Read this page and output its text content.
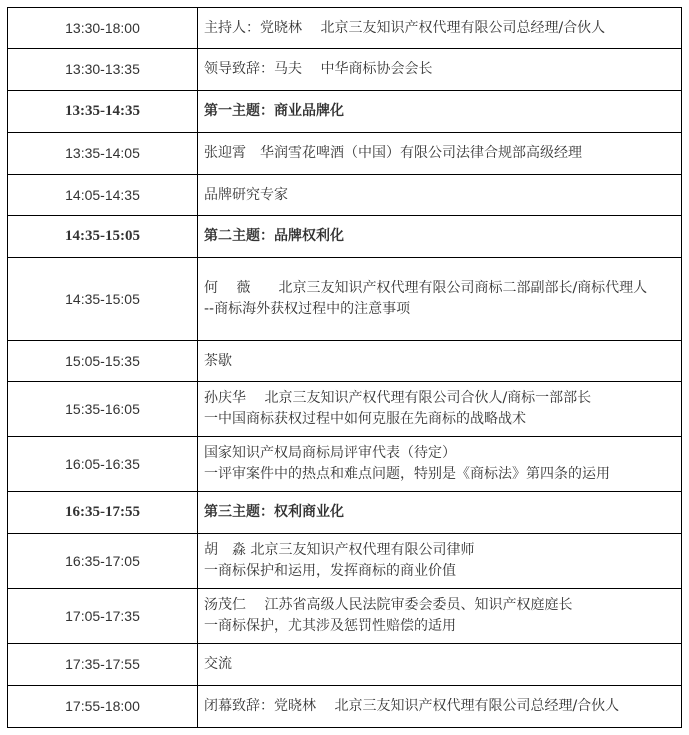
13:30-18:00	主持人：党晓林　 北京三友知识产权代理有限公司总经理/合伙人

13:30-13:35	领导致辞：马夫　 中华商标协会会长

13:35-14:35	第一主题：商业品牌化

13:35-14:05	张迎霄　华润雪花啤酒（中国）有限公司法律合规部高级经理

14:05-14:35	品牌研究专家

14:35-15:05	第二主题：品牌权利化

14:35-15:05	何　 薇　　北京三友知识产权代理有限公司商标二部副部长/商标代理人
--商标海外获权过程中的注意事项

15:05-15:35	茶歇

15:35-16:05	孙庆华　 北京三友知识产权代理有限公司合伙人/商标一部部长
一中国商标获权过程中如何克服在先商标的战略战术

16:05-16:35	国家知识产权局商标局评审代表（待定）
一评审案件中的热点和难点问题，特别是《商标法》第四条的运用

16:35-17:55	第三主题：权利商业化

16:35-17:05	胡　淼 北京三友知识产权代理有限公司律师
一商标保护和运用，发挥商标的商业价值

17:05-17:35	汤茂仁　 江苏省高级人民法院审委会委员、知识产权庭庭长
一商标保护，尤其涉及惩罚性赔偿的适用

17:35-17:55	交流

17:55-18:00	闭幕致辞：党晓林　 北京三友知识产权代理有限公司总经理/合伙人
